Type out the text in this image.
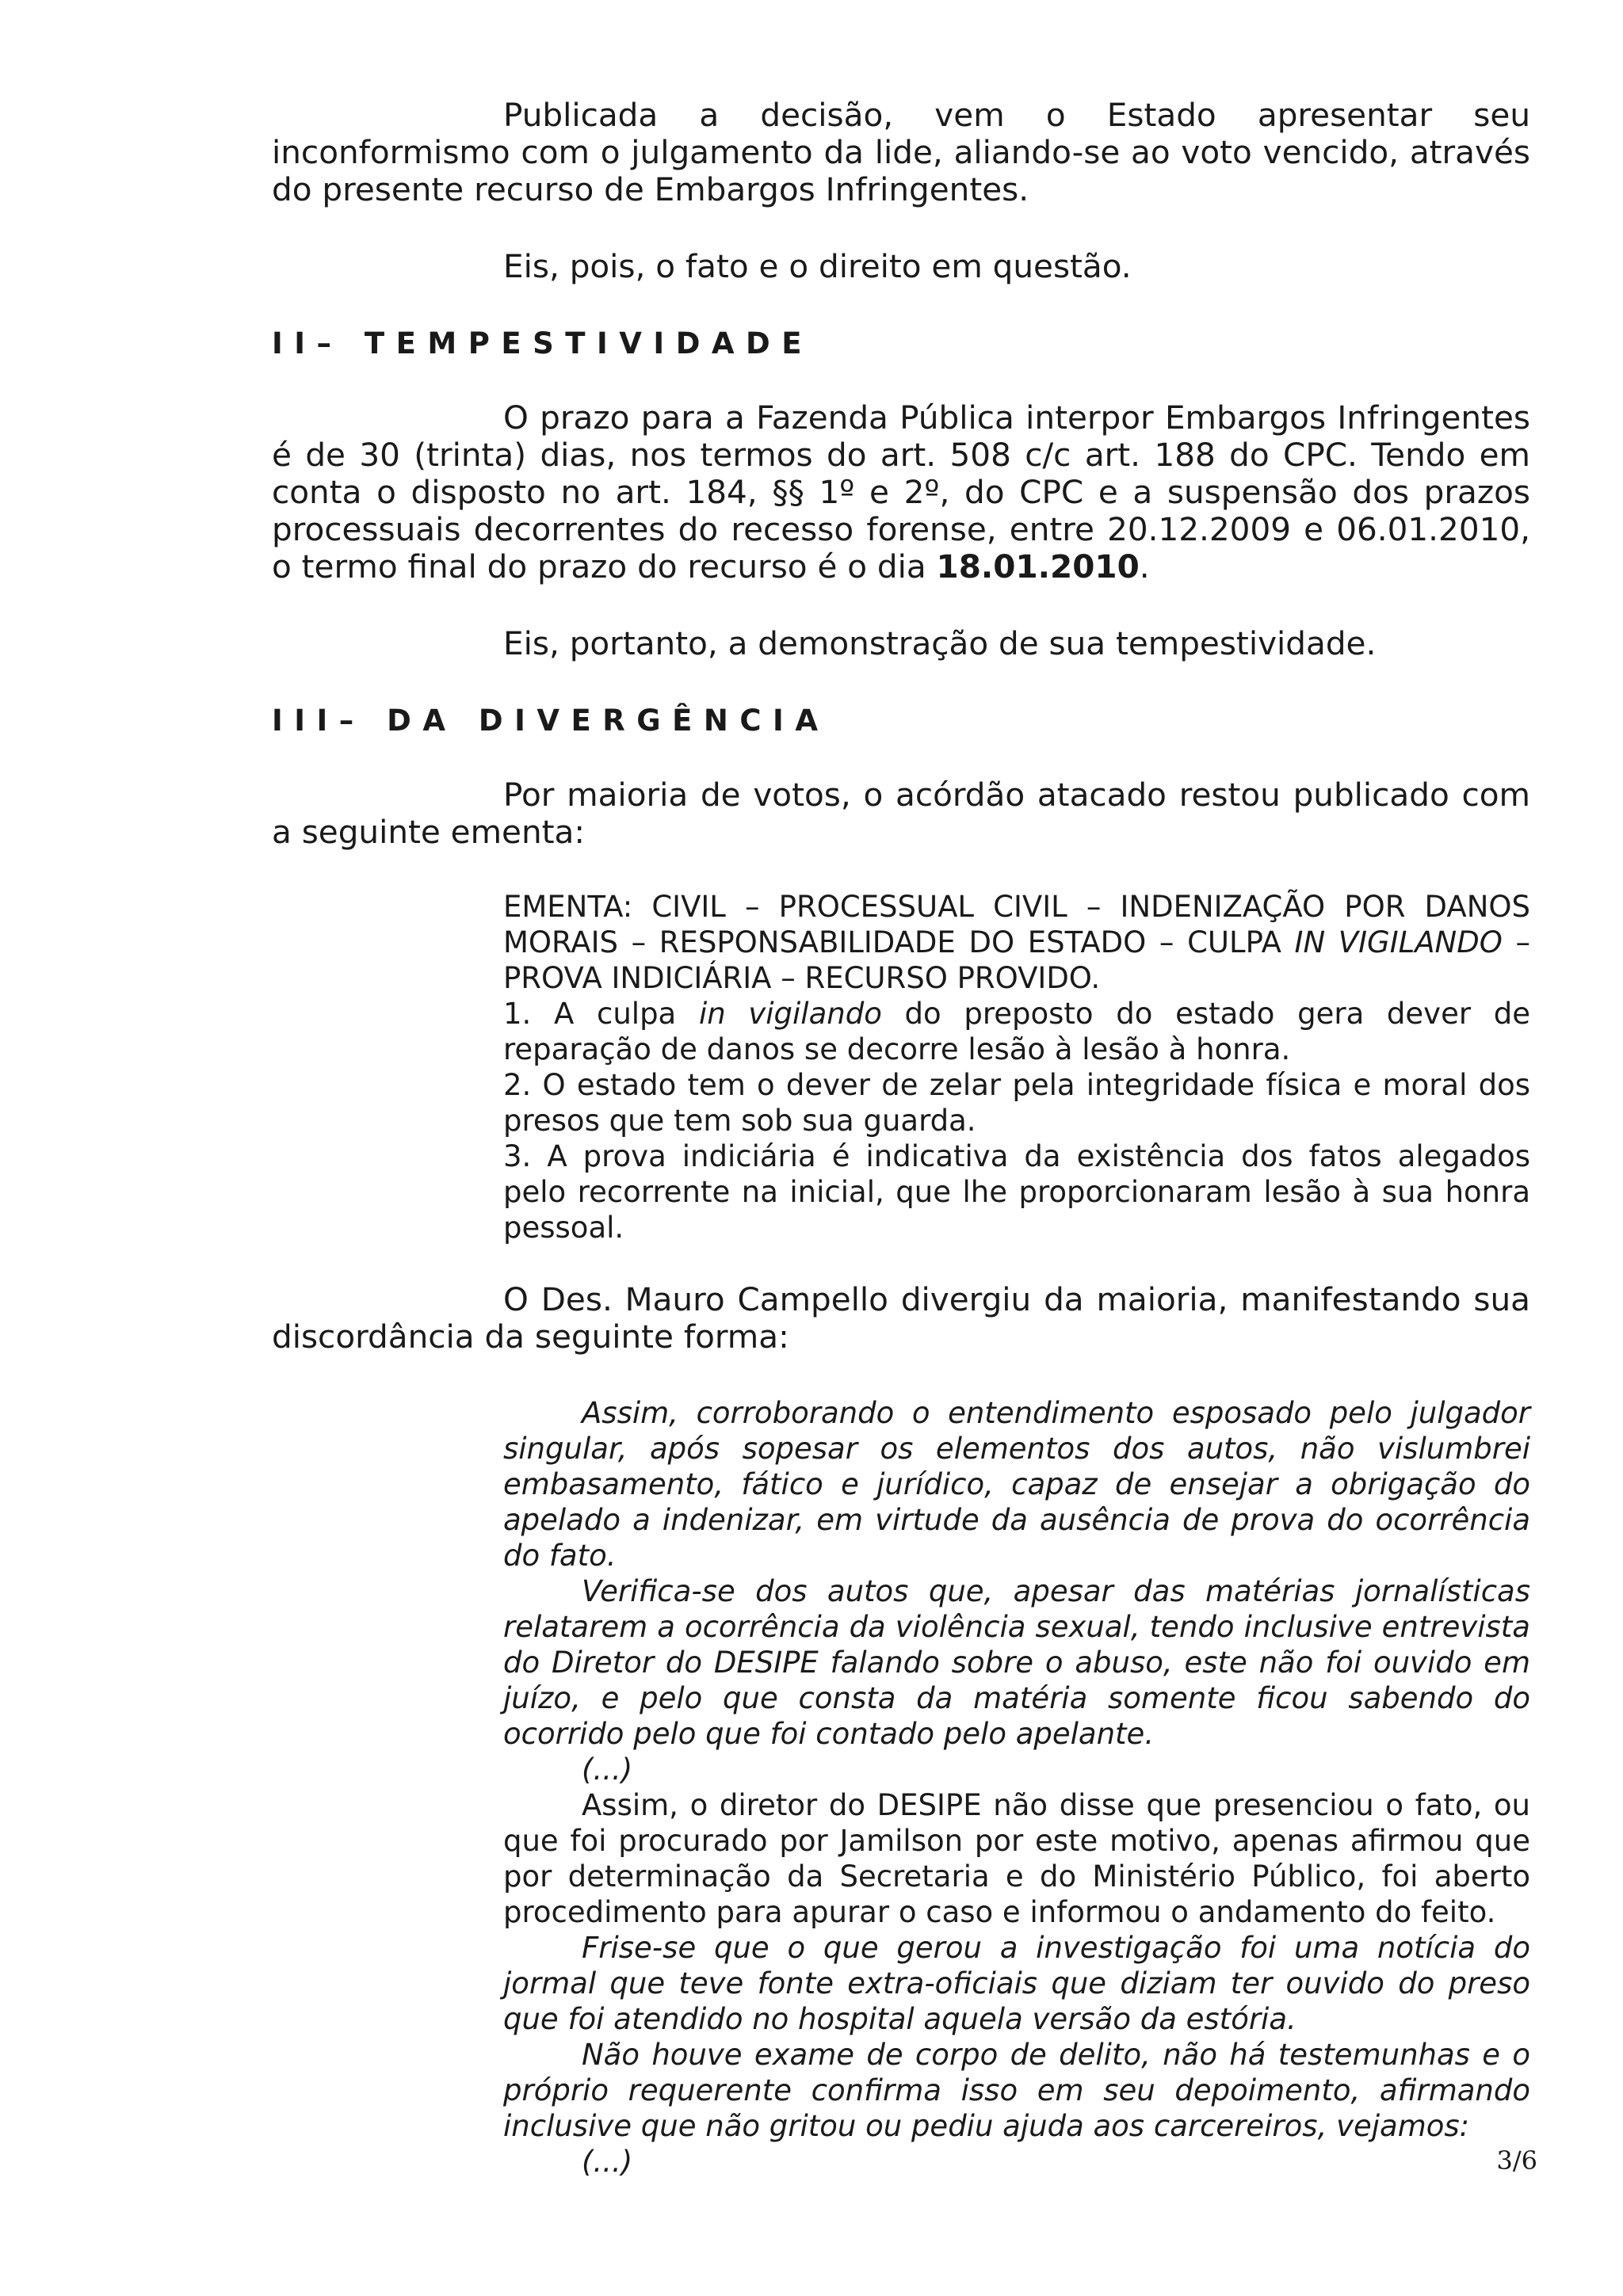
Publicada a decisão, vem o Estado apresentar seu inconformismo com o julgamento da lide, aliando-se ao voto vencido, através do presente recurso de Embargos Infringentes.

Eis, pois, o fato e o direito em questão.

II– TEMPESTIVIDADE

O prazo para a Fazenda Pública interpor Embargos Infringentes é de 30 (trinta) dias, nos termos do art. 508 c/c art. 188 do CPC. Tendo em conta o disposto no art. 184, §§ 1º e 2º, do CPC e a suspensão dos prazos processuais decorrentes do recesso forense, entre 20.12.2009 e 06.01.2010, o termo final do prazo do recurso é o dia 18.01.2010.

Eis, portanto, a demonstração de sua tempestividade.

III– DA DIVERGÊNCIA

Por maioria de votos, o acórdão atacado restou publicado com a seguinte ementa:

EMENTA: CIVIL – PROCESSUAL CIVIL – INDENIZAÇÃO POR DANOS MORAIS – RESPONSABILIDADE DO ESTADO – CULPA IN VIGILANDO – PROVA INDICIÁRIA – RECURSO PROVIDO.

1. A culpa in vigilando do preposto do estado gera dever de reparação de danos se decorre lesão à lesão à honra.

2. O estado tem o dever de zelar pela integridade física e moral dos presos que tem sob sua guarda.

3. A prova indiciária é indicativa da existência dos fatos alegados pelo recorrente na inicial, que lhe proporcionaram lesão à sua honra pessoal.

O Des. Mauro Campello divergiu da maioria, manifestando sua discordância da seguinte forma:

Assim, corroborando o entendimento esposado pelo julgador singular, após sopesar os elementos dos autos, não vislumbrei embasamento, fático e jurídico, capaz de ensejar a obrigação do apelado a indenizar, em virtude da ausência de prova do ocorrência do fato.

Verifica-se dos autos que, apesar das matérias jornalísticas relatarem a ocorrência da violência sexual, tendo inclusive entrevista do Diretor do DESIPE falando sobre o abuso, este não foi ouvido em juízo, e pelo que consta da matéria somente ficou sabendo do ocorrido pelo que foi contado pelo apelante.

(...)

Assim, o diretor do DESIPE não disse que presenciou o fato, ou que foi procurado por Jamilson por este motivo, apenas afirmou que por determinação da Secretaria e do Ministério Público, foi aberto procedimento para apurar o caso e informou o andamento do feito.

Frise-se que o que gerou a investigação foi uma notícia do jormal que teve fonte extra-oficiais que diziam ter ouvido do preso que foi atendido no hospital aquela versão da estória.

Não houve exame de corpo de delito, não há testemunhas e o próprio requerente confirma isso em seu depoimento, afirmando inclusive que não gritou ou pediu ajuda aos carcereiros, vejamos:

(...)	3/6
